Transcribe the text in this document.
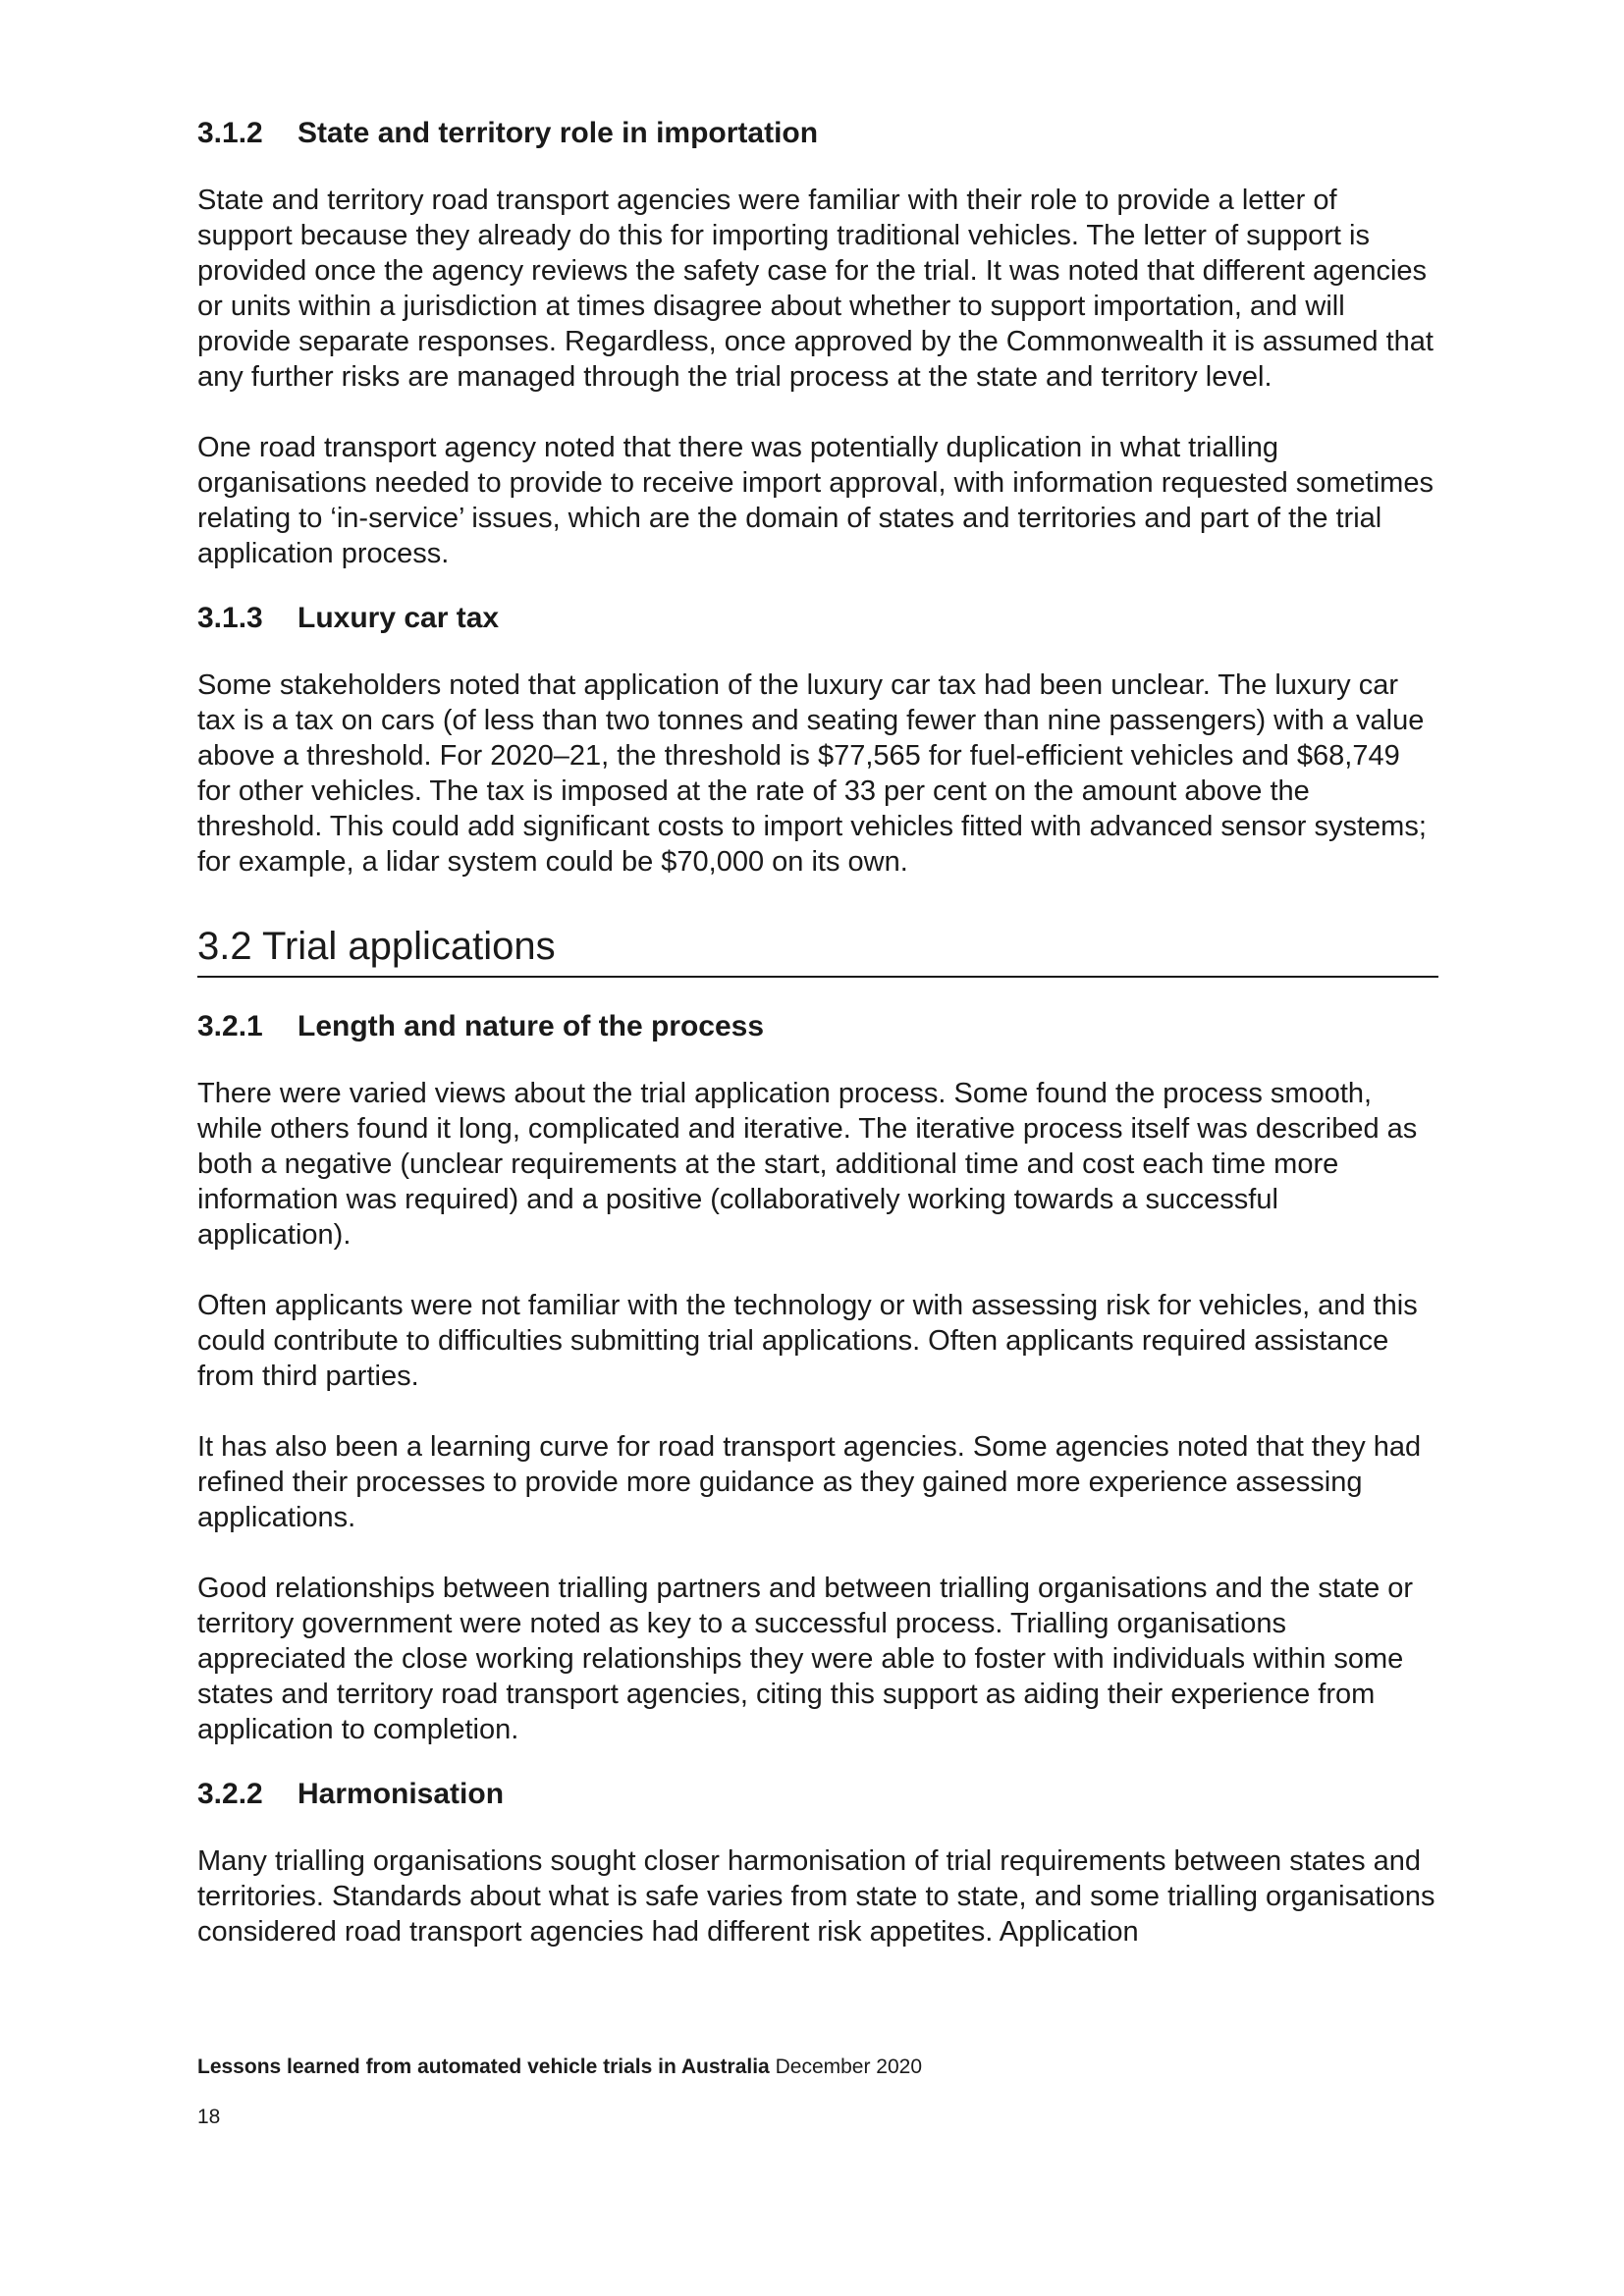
3.1.2	State and territory role in importation

State and territory road transport agencies were familiar with their role to provide a letter of support because they already do this for importing traditional vehicles. The letter of support is provided once the agency reviews the safety case for the trial. It was noted that different agencies or units within a jurisdiction at times disagree about whether to support importation, and will provide separate responses. Regardless, once approved by the Commonwealth it is assumed that any further risks are managed through the trial process at the state and territory level.

One road transport agency noted that there was potentially duplication in what trialling organisations needed to provide to receive import approval, with information requested sometimes relating to ‘in-service’ issues, which are the domain of states and territories and part of the trial application process.

3.1.3	Luxury car tax

Some stakeholders noted that application of the luxury car tax had been unclear. The luxury car tax is a tax on cars (of less than two tonnes and seating fewer than nine passengers) with a value above a threshold. For 2020–21, the threshold is $77,565 for fuel-efficient vehicles and $68,749 for other vehicles. The tax is imposed at the rate of 33 per cent on the amount above the threshold. This could add significant costs to import vehicles fitted with advanced sensor systems; for example, a lidar system could be $70,000 on its own.

3.2 Trial applications
3.2.1	Length and nature of the process

There were varied views about the trial application process. Some found the process smooth, while others found it long, complicated and iterative. The iterative process itself was described as both a negative (unclear requirements at the start, additional time and cost each time more information was required) and a positive (collaboratively working towards a successful application).

Often applicants were not familiar with the technology or with assessing risk for vehicles, and this could contribute to difficulties submitting trial applications. Often applicants required assistance from third parties.

It has also been a learning curve for road transport agencies. Some agencies noted that they had refined their processes to provide more guidance as they gained more experience assessing applications.

Good relationships between trialling partners and between trialling organisations and the state or territory government were noted as key to a successful process. Trialling organisations appreciated the close working relationships they were able to foster with individuals within some states and territory road transport agencies, citing this support as aiding their experience from application to completion.

3.2.2	Harmonisation

Many trialling organisations sought closer harmonisation of trial requirements between states and territories. Standards about what is safe varies from state to state, and some trialling organisations considered road transport agencies had different risk appetites. Application

Lessons learned from automated vehicle trials in Australia December 2020
18
